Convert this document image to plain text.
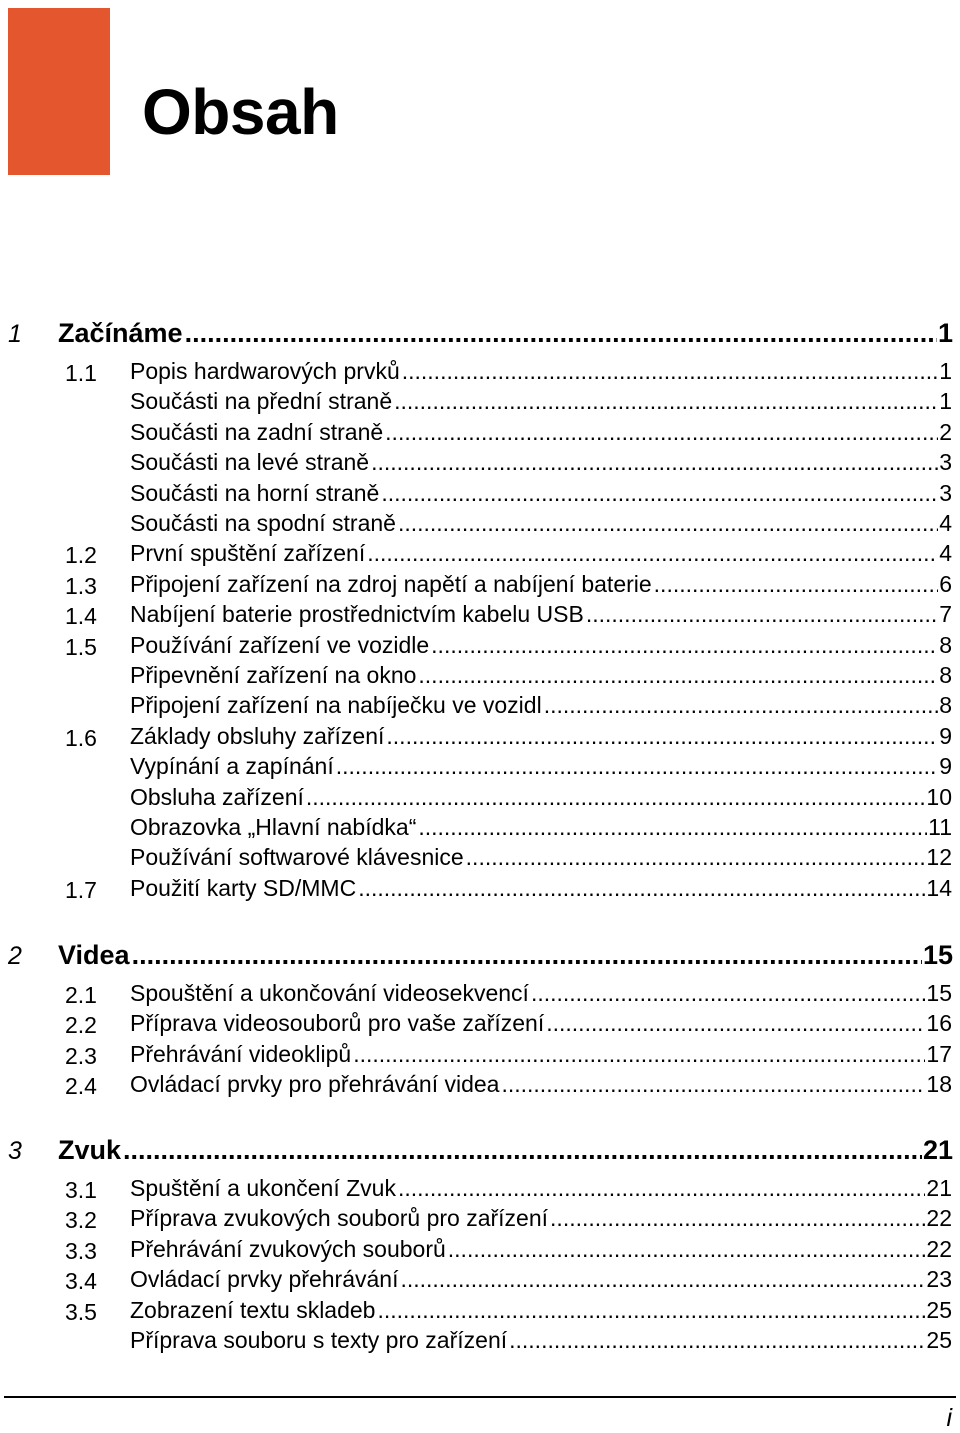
Obsah
1 Začínáme .....	1
1.1 Popis hardwarových prvků .....	1
Součásti na přední straně .....	1
Součásti na zadní straně .....	2
Součásti na levé straně .....	3
Součásti na horní straně .....	3
Součásti na spodní straně .....	4
1.2 První spuštění zařízení .....	4
1.3 Připojení zařízení na zdroj napětí a nabíjení baterie .....	6
1.4 Nabíjení baterie prostřednictvím kabelu USB .....	7
1.5 Používání zařízení ve vozidle .....	8
Připevnění zařízení na okno .....	8
Připojení zařízení na nabíječku ve vozidl .....	8
1.6 Základy obsluhy zařízení .....	9
Vypínání a zapínání .....	9
Obsluha zařízení .....	10
Obrazovka „Hlavní nabídka“ .....	11
Používání softwarové klávesnice .....	12
1.7 Použití karty SD/MMC .....	14
2 Videa .....	15
2.1 Spouštění a ukončování videosekvencí .....	15
2.2 Příprava videosouborů pro vaše zařízení .....	16
2.3 Přehrávání videoklipů .....	17
2.4 Ovládací prvky pro přehrávání videa .....	18
3 Zvuk .....	21
3.1 Spuštění a ukončení Zvuk .....	21
3.2 Příprava zvukových souborů pro zařízení .....	22
3.3 Přehrávání zvukových souborů .....	22
3.4 Ovládací prvky přehrávání .....	23
3.5 Zobrazení textu skladeb .....	25
Příprava souboru s texty pro zařízení .....	25
i
